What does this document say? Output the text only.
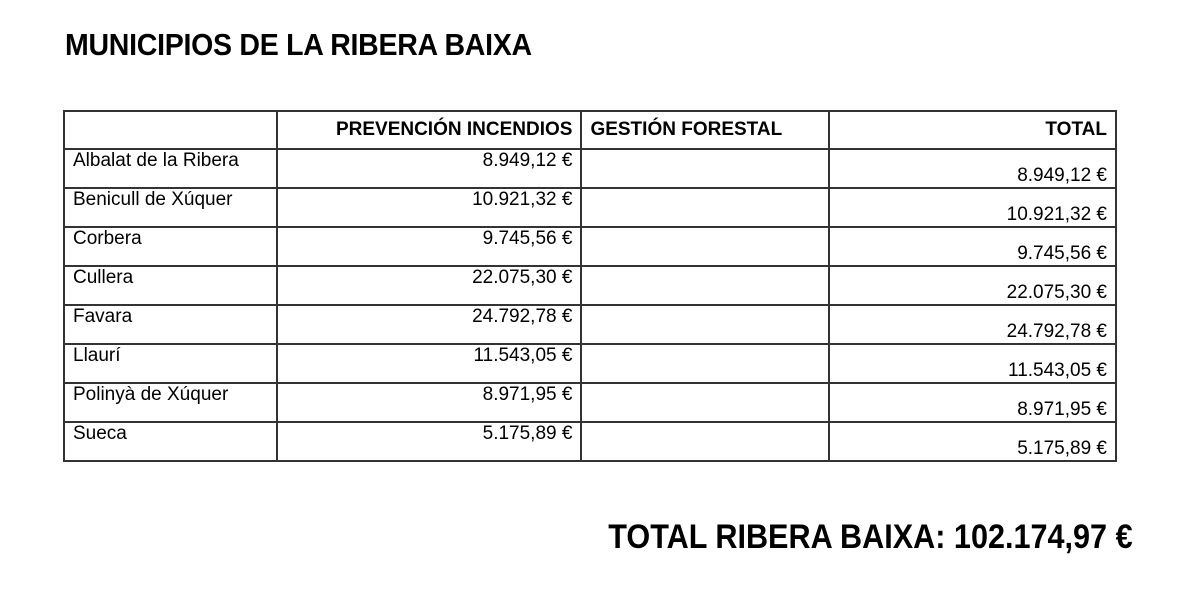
MUNICIPIOS DE LA RIBERA BAIXA
	PREVENCIÓN INCENDIOS	GESTIÓN FORESTAL	TOTAL
Albalat de la Ribera	8.949,12 €		8.949,12 €
Benicull de Xúquer	10.921,32 €		10.921,32 €
Corbera	9.745,56 €		9.745,56 €
Cullera	22.075,30 €		22.075,30 €
Favara	24.792,78 €		24.792,78 €
Llaurí	11.543,05 €		11.543,05 €
Polinyà de Xúquer	8.971,95 €		8.971,95 €
Sueca	5.175,89 €		5.175,89 €
TOTAL RIBERA BAIXA: 102.174,97 €
